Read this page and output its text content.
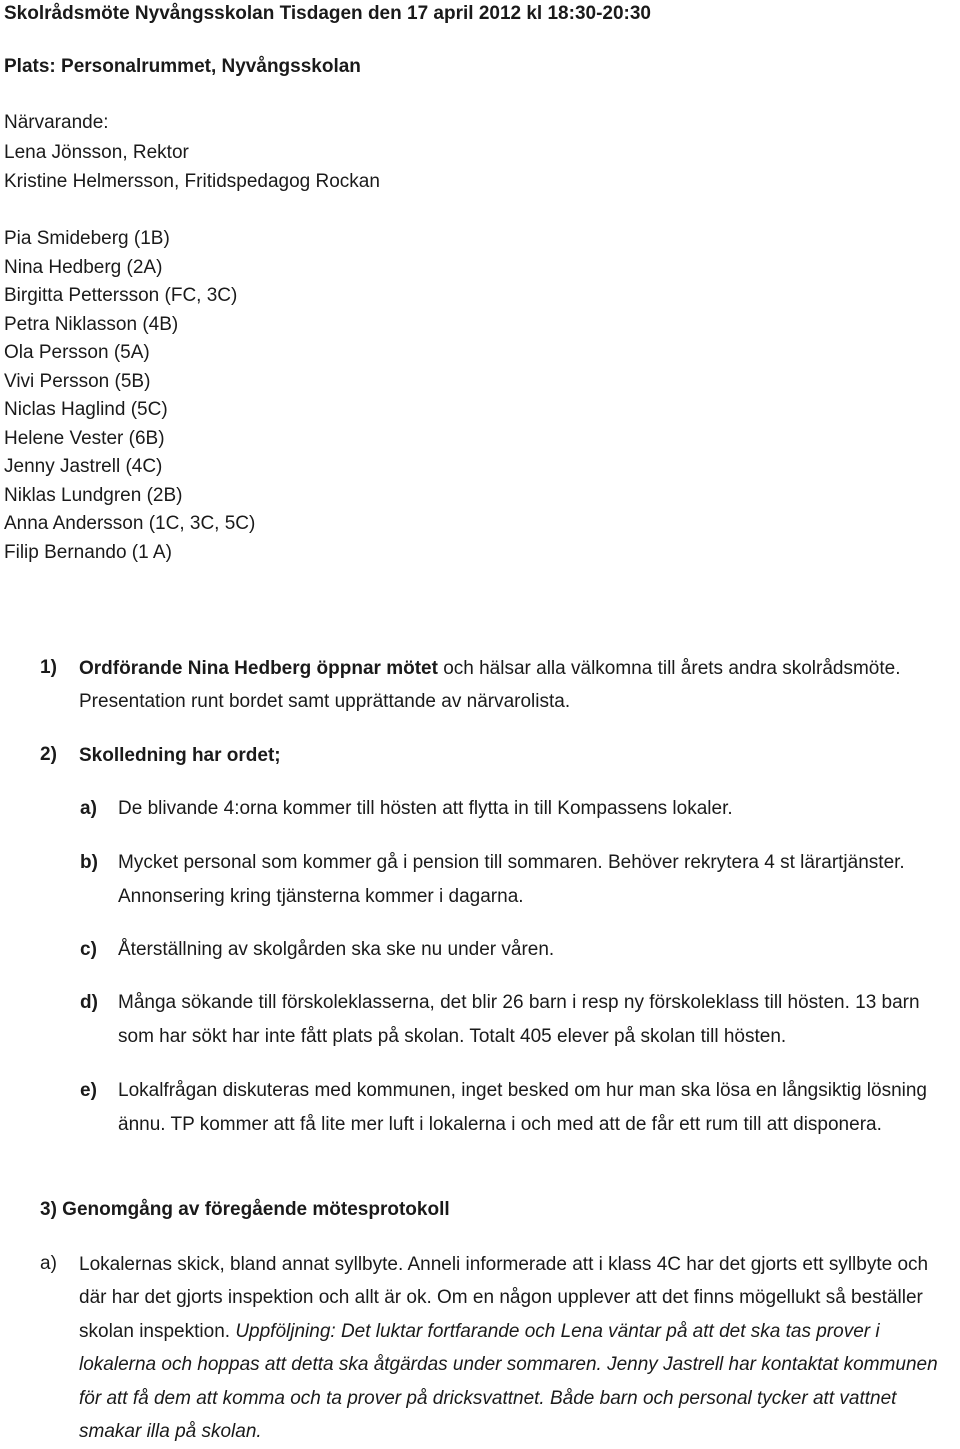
Skolrådsmöte Nyvångsskolan Tisdagen den 17 april 2012 kl 18:30-20:30
Plats: Personalrummet, Nyvångsskolan
Närvarande:
Lena Jönsson, Rektor
Kristine Helmersson, Fritidspedagog Rockan
Pia Smideberg (1B)
Nina Hedberg (2A)
Birgitta Pettersson (FC, 3C)
Petra Niklasson (4B)
Ola Persson (5A)
Vivi Persson (5B)
Niclas Haglind (5C)
Helene Vester (6B)
Jenny Jastrell (4C)
Niklas Lundgren (2B)
Anna Andersson (1C, 3C, 5C)
Filip Bernando (1 A)
1) Ordförande Nina Hedberg öppnar mötet och hälsar alla välkomna till årets andra skolrådsmöte. Presentation runt bordet samt upprättande av närvarolista.
2) Skolledning har ordet;
a) De blivande 4:orna kommer till hösten att flytta in till Kompassens lokaler.
b) Mycket personal som kommer gå i pension till sommaren. Behöver rekrytera 4 st lärartjänster. Annonsering kring tjänsterna kommer i dagarna.
c) Återställning av skolgården ska ske nu under våren.
d) Många sökande till förskoleklasserna, det blir 26 barn i resp ny förskoleklass till hösten. 13 barn som har sökt har inte fått plats på skolan. Totalt 405 elever på skolan till hösten.
e) Lokalfrågan diskuteras med kommunen, inget besked om hur man ska lösa en långsiktig lösning ännu. TP kommer att få lite mer luft i lokalerna i och med att de får ett rum till att disponera.
3) Genomgång av föregående mötesprotokoll
a) Lokalernas skick, bland annat syllbyte. Anneli informerade att i klass 4C har det gjorts ett syllbyte och där har det gjorts inspektion och allt är ok. Om en någon upplever att det finns mögellukt så beställer skolan inspektion. Uppföljning: Det luktar fortfarande och Lena väntar på att det ska tas prover i lokalerna och hoppas att detta ska åtgärdas under sommaren. Jenny Jastrell har kontaktat kommunen för att få dem att komma och ta prover på dricksvattnet. Både barn och personal tycker att vattnet smakar illa på skolan.
